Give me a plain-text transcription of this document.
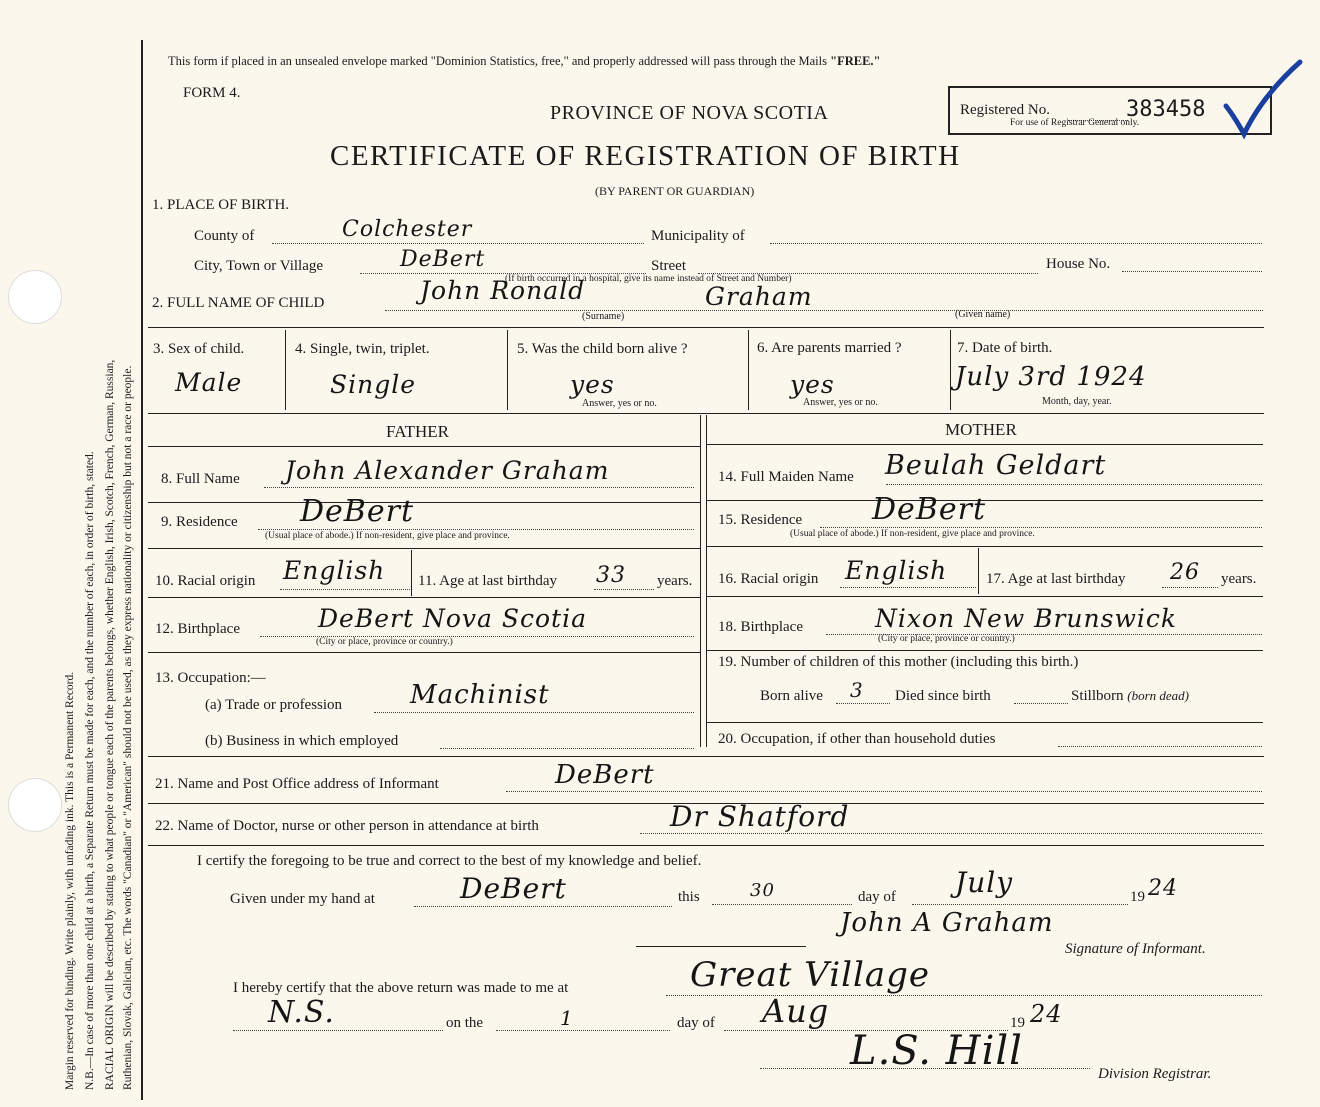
Margin reserved for binding. Write plainly, with unfading ink. This is a Permanent Record. N.B.—In case of more than one child at a birth, a Separate Return must be made for each, and the number of each, in order of birth, stated. RACIAL ORIGIN will be described by stating to what people or tongue each of the parents belongs, whether English, Irish, Scotch, French, German, Russian, Ruthenian, Slovak, Galician, etc. The words "Canadian" or "American" should not be used, as they express nationality or citizenship but not a race or people.
This form if placed in an unsealed envelope marked "Dominion Statistics, free," and properly addressed will pass through the Mails "FREE."
FORM 4.
PROVINCE OF NOVA SCOTIA
CERTIFICATE OF REGISTRATION OF BIRTH
(BY PARENT OR GUARDIAN)
Registered No.	383458
For use of Registrar General only.
1. PLACE OF BIRTH.
County of	Colchester	Municipality of
City, Town or Village	DeBert	Street	House No.
(If birth occurred in a hospital, give its name instead of Street and Number)
2. FULL NAME OF CHILD	John Ronald	Graham
(Surname)	(Given name)
3. Sex of child.
Male
4. Single, twin, triplet.
Single
5. Was the child born alive ?
yes
Answer, yes or no.
6. Are parents married ?
yes
Answer, yes or no.
7. Date of birth.
July 3rd 1924
Month, day, year.
FATHER	MOTHER
8. Full Name John Alexander Graham
9. Residence DeBert
(Usual place of abode.) If non-resident, give place and province.
10. Racial origin English 11. Age at last birthday 33 years.
12. Birthplace	DeBert Nova Scotia
(City or place, province or country.)
13. Occupation:—
(a) Trade or profession	Machinist
(b) Business in which employed
14. Full Maiden Name Beulah Geldart
15. Residence DeBert
(Usual place of abode.) If non-resident, give place and province.
16. Racial origin English	17. Age at last birthday 26 years.
18. Birthplace	Nixon New Brunswick
(City or place, province or country.)
19. Number of children of this mother (including this birth.)
Born alive 3 Died since birth	Stillborn (born dead)
20. Occupation, if other than household duties
21. Name and Post Office address of Informant	DeBert
22. Name of Doctor, nurse or other person in attendance at birth	Dr Shatford
I certify the foregoing to be true and correct to the best of my knowledge and belief.
Given under my hand at	DeBert	this	30	day of July	19 24
John A Graham
Signature of Informant.
I hereby certify that the above return was made to me at	Great Village
N.S.	on the	1	day of Aug	19 24
L.S. Hill	Division Registrar.
